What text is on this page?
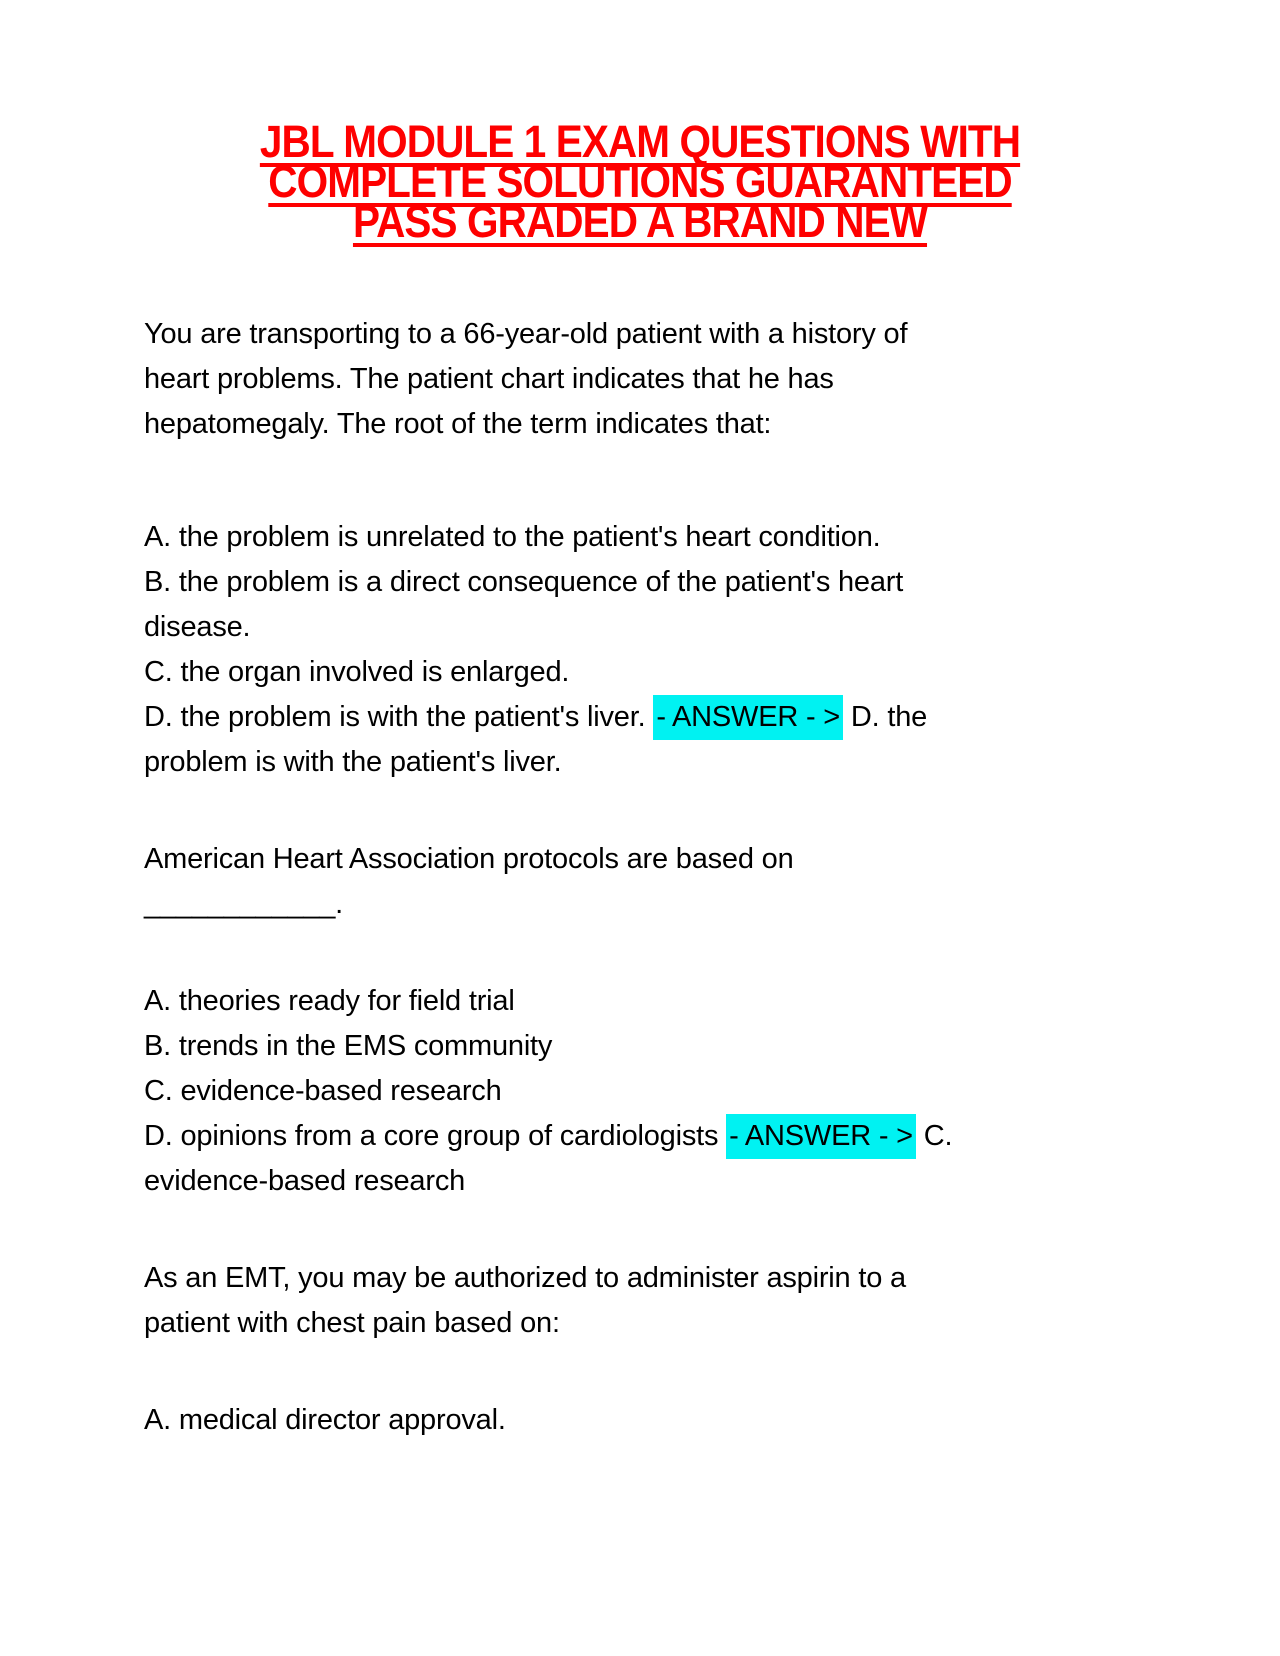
JBL MODULE 1 EXAM QUESTIONS WITH
COMPLETE SOLUTIONS GUARANTEED
PASS GRADED A BRAND NEW
You are transporting to a 66-year-old patient with a history of
heart problems. The patient chart indicates that he has
hepatomegaly. The root of the term indicates that:
A. the problem is unrelated to the patient's heart condition.
B. the problem is a direct consequence of the patient's heart
disease.
C. the organ involved is enlarged.
D. the problem is with the patient's liver. - ANSWER - > D. the
problem is with the patient's liver.
American Heart Association protocols are based on
____________.
A. theories ready for field trial
B. trends in the EMS community
C. evidence-based research
D. opinions from a core group of cardiologists - ANSWER - > C.
evidence-based research
As an EMT, you may be authorized to administer aspirin to a
patient with chest pain based on:
A. medical director approval.
